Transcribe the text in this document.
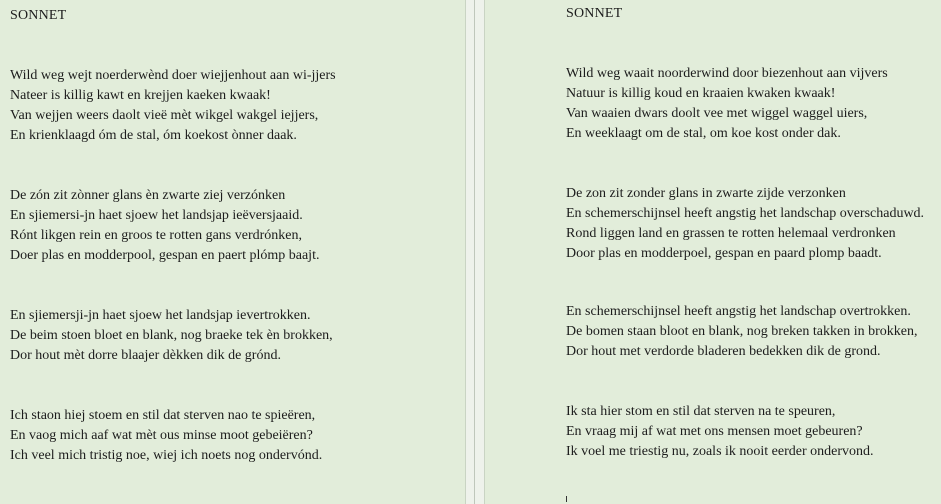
SONNET
Wild weg wejt noerderwènd doer wiejjenhout aan wi-jjers
Nateer is killig kawt en krejjen kaeken kwaak!
Van wejjen weers daolt vieë mèt wikgel wakgel iejjers,
En krienklaagd óm de stal, óm koekost ònner daak.
De zón zit zònner glans èn zwarte ziej verzónken
En sjiemersi-jn haet sjoew het landsjap ieëversjaaid.
Rónt likgen rein en groos te rotten gans verdrónken,
Doer plas en modderpool, gespan en paert plómp baajt.
En sjiemersji-jn haet sjoew het landsjap ievertrokken.
De beim stoen bloet en blank, nog braeke tek èn brokken,
Dor hout mèt dorre blaajer dèkken dik de grónd.
Ich staon hiej stoem en stil dat sterven nao te spieëren,
En vaog mich aaf wat mèt ous minse moot gebeiëren?
Ich veel mich tristig noe, wiej ich noets nog ondervónd.
SONNET
Wild weg waait noorderwind door biezenhout aan vijvers
Natuur is killig koud en kraaien kwaken kwaak!
Van waaien dwars doolt vee met wiggel waggel uiers,
En weeklaagt om de stal, om koe kost onder dak.
De zon zit zonder glans in zwarte zijde verzonken
En schemerschijnsel heeft angstig het landschap overschaduwd.
Rond liggen land en grassen te rotten helemaal verdronken
Door plas en modderpoel, gespan en paard plomp baadt.
En schemerschijnsel heeft angstig het landschap overtrokken.
De bomen staan bloot en blank, nog breken takken in brokken,
Dor hout met verdorde bladeren bedekken dik de grond.
Ik sta hier stom en stil dat sterven na te speuren,
En vraag mij af wat met ons mensen moet gebeuren?
Ik voel me triestig nu, zoals ik nooit eerder ondervond.
